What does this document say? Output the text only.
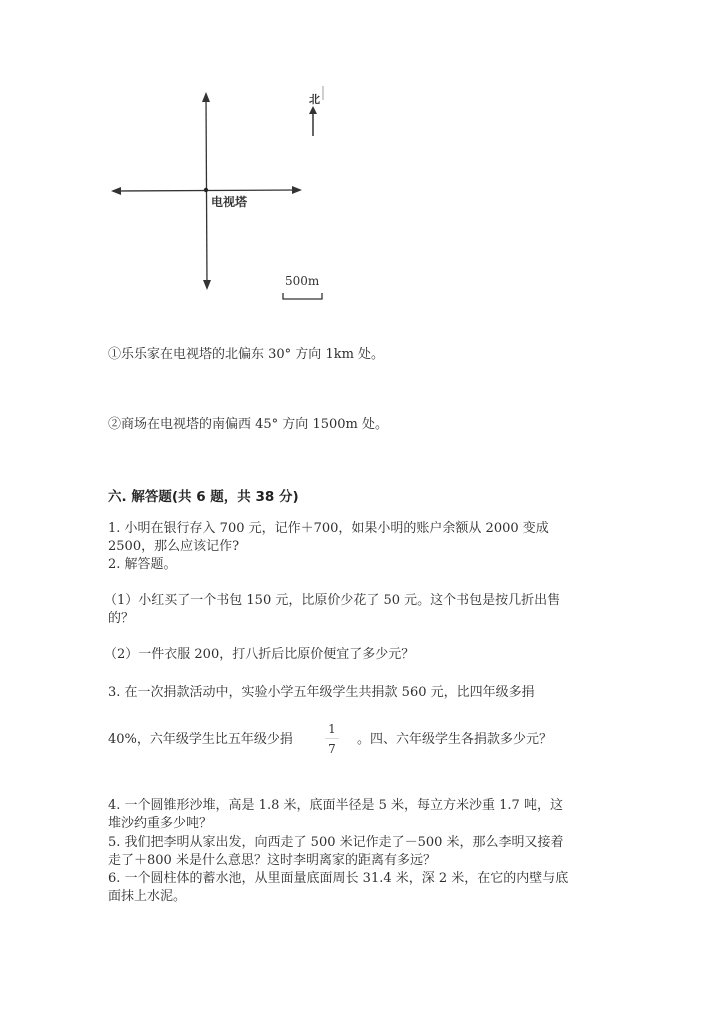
电视塔
北
500m
①乐乐家在电视塔的北偏东 30° 方向 1km 处。
②商场在电视塔的南偏西 45° 方向 1500m 处。
六. 解答题(共 6 题，共 38 分)
1. 小明在银行存入 700 元，记作＋700，如果小明的账户余额从 2000 变成
2500，那么应该记作?
2. 解答题。
（1）小红买了一个书包 150 元，比原价少花了 50 元。这个书包是按几折出售
的？
（2）一件衣服 200，打八折后比原价便宜了多少元？
3. 在一次捐款活动中，实验小学五年级学生共捐款 560 元，比四年级多捐
40%，六年级学生比五年级少捐
1
7
。四、六年级学生各捐款多少元？
4. 一个圆锥形沙堆，高是 1.8 米，底面半径是 5 米，每立方米沙重 1.7 吨，这
堆沙约重多少吨？
5. 我们把李明从家出发，向西走了 500 米记作走了－500 米，那么李明又接着
走了＋800 米是什么意思？这时李明离家的距离有多远？
6. 一个圆柱体的蓄水池，从里面量底面周长 31.4 米，深 2 米，在它的内壁与底
面抹上水泥。
